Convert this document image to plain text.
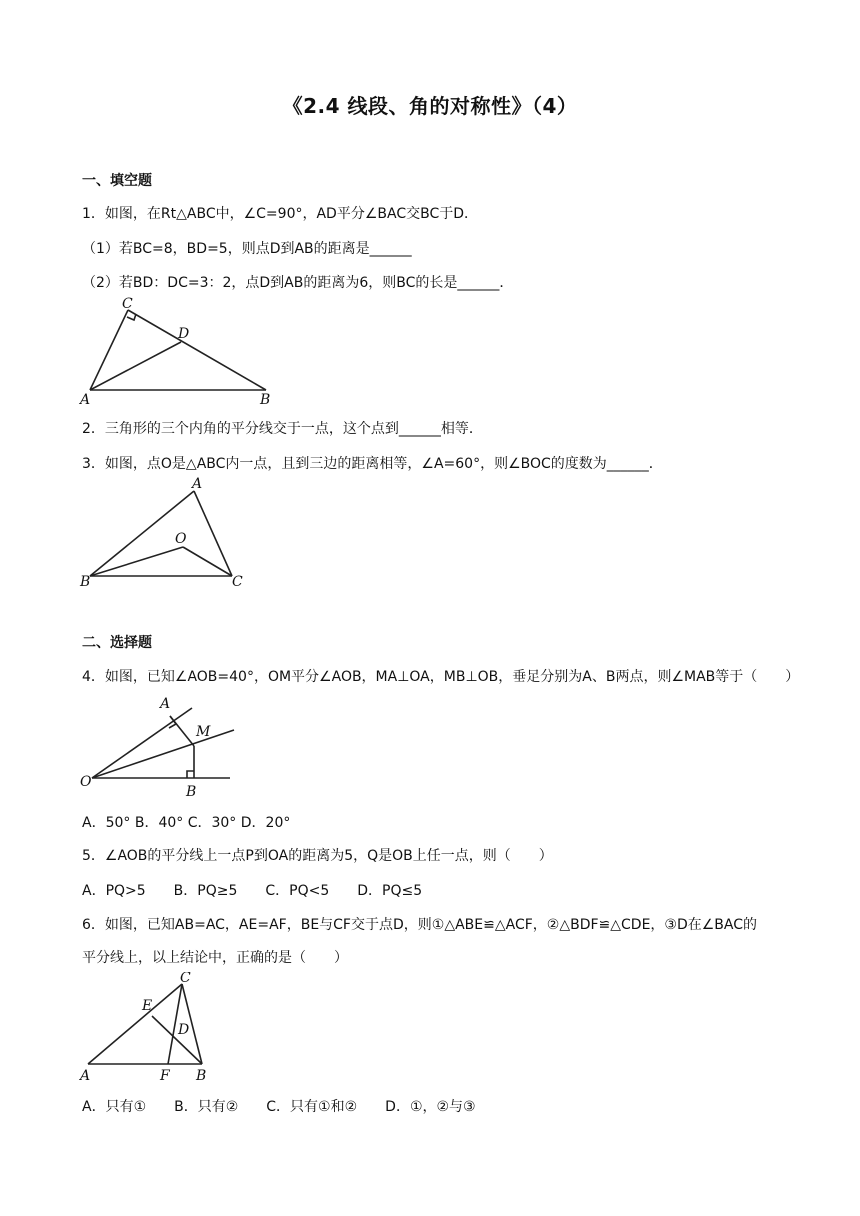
《2.4 线段、角的对称性》（4）
一、填空题
1．如图，在Rt△ABC中，∠C=90°，AD平分∠BAC交BC于D．
（1）若BC=8，BD=5，则点D到AB的距离是______
（2）若BD：DC=3：2，点D到AB的距离为6，则BC的长是______．
C
D
A	B
2．三角形的三个内角的平分线交于一点，这个点到______相等．
3．如图，点O是△ABC内一点，且到三边的距离相等，∠A=60°，则∠BOC的度数为______．
A
O
B	C
二、选择题
4．如图，已知∠AOB=40°，OM平分∠AOB，MA⊥OA，MB⊥OB，垂足分别为A、B两点，则∠MAB等于（　　）
A
M
O
B
A．50° B．40° C．30° D．20°
5．∠AOB的平分线上一点P到OA的距离为5，Q是OB上任一点，则（　　）
A．PQ>5　　B．PQ≥5　　C．PQ<5　　D．PQ≤5
6．如图，已知AB=AC，AE=AF，BE与CF交于点D，则①△ABE≌△ACF，②△BDF≌△CDE，③D在∠BAC的
平分线上，以上结论中，正确的是（　　）
C
E
D
A	F B
A．只有①　　B．只有②　　C．只有①和②　　D．①，②与③
